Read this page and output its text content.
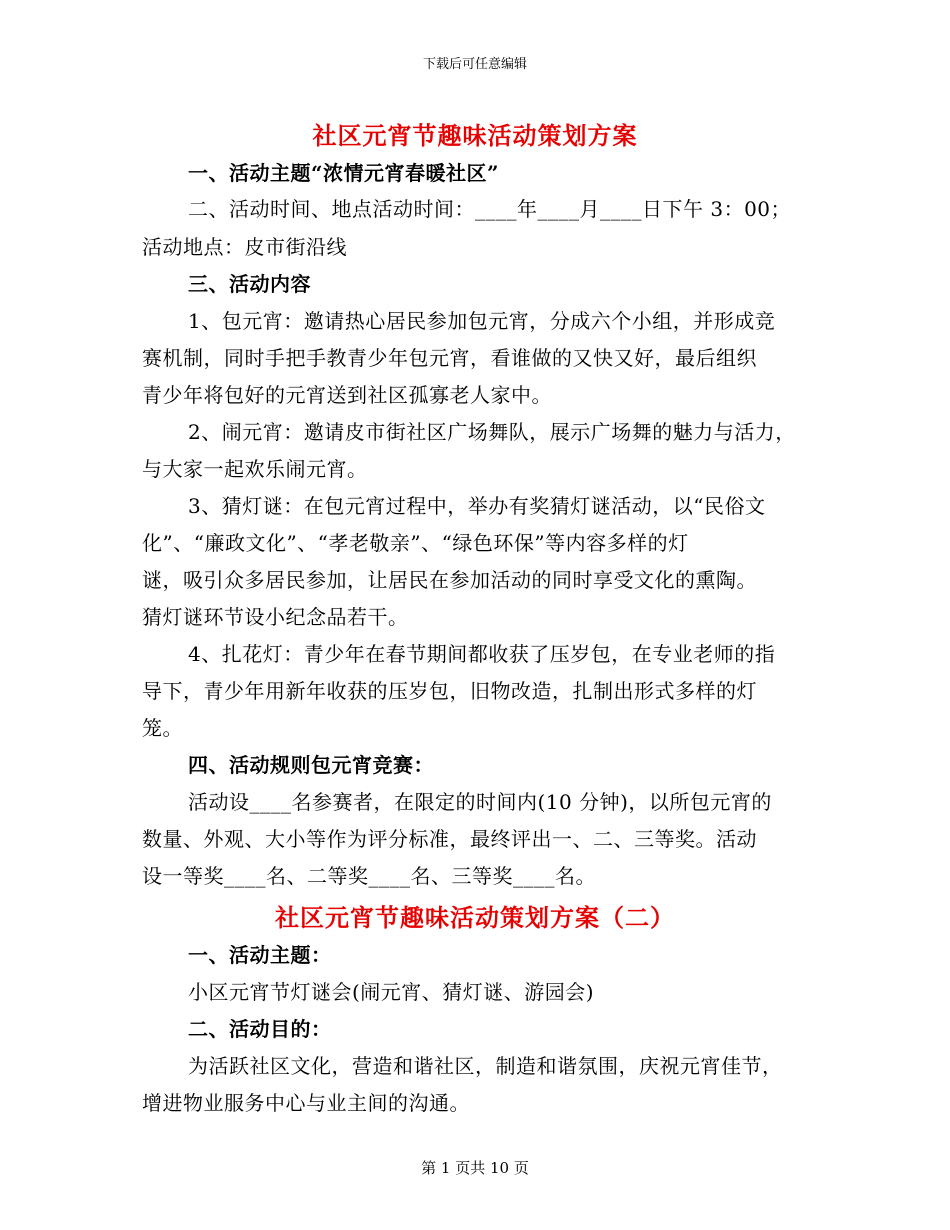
下载后可任意编辑
社区元宵节趣味活动策划方案
一、活动主题“浓情元宵春暖社区”
二、活动时间、地点活动时间：____年____月____日下午 3：00；
活动地点：皮市街沿线
三、活动内容
1、包元宵：邀请热心居民参加包元宵，分成六个小组，并形成竞
赛机制，同时手把手教青少年包元宵，看谁做的又快又好，最后组织
青少年将包好的元宵送到社区孤寡老人家中。
2、闹元宵：邀请皮市街社区广场舞队，展示广场舞的魅力与活力，
与大家一起欢乐闹元宵。
3、猜灯谜：在包元宵过程中，举办有奖猜灯谜活动，以“民俗文
化”、“廉政文化”、“孝老敬亲”、“绿色环保”等内容多样的灯
谜，吸引众多居民参加，让居民在参加活动的同时享受文化的熏陶。
猜灯谜环节设小纪念品若干。
4、扎花灯：青少年在春节期间都收获了压岁包，在专业老师的指
导下，青少年用新年收获的压岁包，旧物改造，扎制出形式多样的灯
笼。
四、活动规则包元宵竞赛：
活动设____名参赛者，在限定的时间内(10 分钟)，以所包元宵的
数量、外观、大小等作为评分标准，最终评出一、二、三等奖。活动
设一等奖____名、二等奖____名、三等奖____名。
社区元宵节趣味活动策划方案（二）
一、活动主题：
小区元宵节灯谜会(闹元宵、猜灯谜、游园会)
二、活动目的：
为活跃社区文化，营造和谐社区，制造和谐氛围，庆祝元宵佳节，
增进物业服务中心与业主间的沟通。
第 1 页共 10 页
